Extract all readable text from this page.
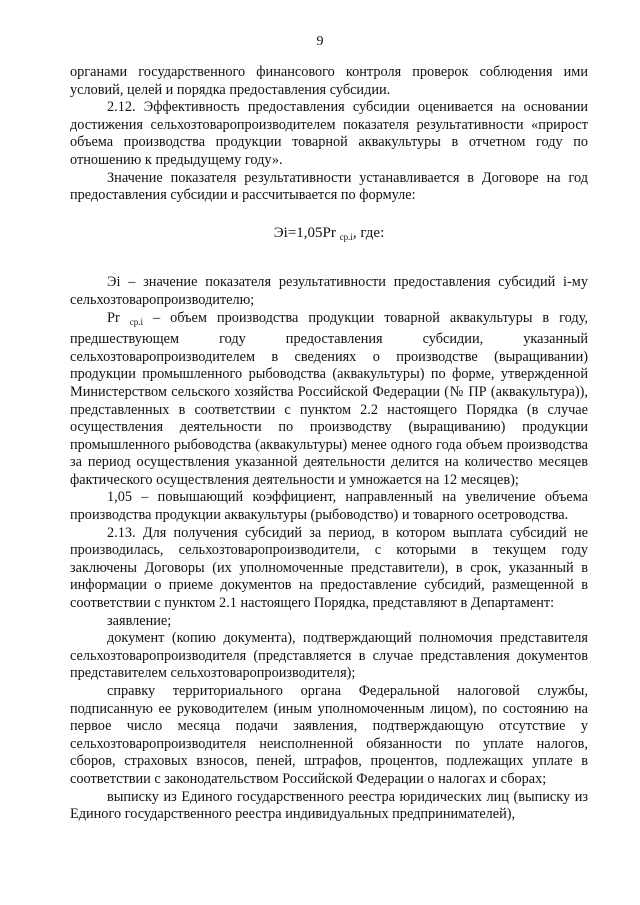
9

органами государственного финансового контроля проверок соблюдения ими условий, целей и порядка предоставления субсидии.

2.12. Эффективность предоставления субсидии оценивается на основании достижения сельхозтоваропроизводителем показателя результативности «прирост объема производства продукции товарной аквакультуры в отчетном году по отношению к предыдущему году».

Значение показателя результативности устанавливается в Договоре на год предоставления субсидии и рассчитывается по формуле:

Эi=1,05Pr $_{ср.i}$, где:

Эi – значение показателя результативности предоставления субсидий i-му сельхозтоваропроизводителю;

Pr $_{ср.i}$ – объем производства продукции товарной аквакультуры в году, предшествующем году предоставления субсидии, указанный сельхозтоваропроизводителем в сведениях о производстве (выращивании) продукции промышленного рыбоводства (аквакультуры) по форме, утвержденной Министерством сельского хозяйства Российской Федерации (№ ПР (аквакультура)), представленных в соответствии с пунктом 2.2 настоящего Порядка (в случае осуществления деятельности по производству (выращиванию) продукции промышленного рыбоводства (аквакультуры) менее одного года объем производства за период осуществления указанной деятельности делится на количество месяцев фактического осуществления деятельности и умножается на 12 месяцев);

1,05 – повышающий коэффициент, направленный на увеличение объема производства продукции аквакультуры (рыбоводство) и товарного осетроводства.

2.13. Для получения субсидий за период, в котором выплата субсидий не производилась, сельхозтоваропроизводители, с которыми в текущем году заключены Договоры (их уполномоченные представители), в срок, указанный в информации о приеме документов на предоставление субсидий, размещенной в соответствии с пунктом 2.1 настоящего Порядка, представляют в Департамент:

заявление;

документ (копию документа), подтверждающий полномочия представителя сельхозтоваропроизводителя (представляется в случае представления документов представителем сельхозтоваропроизводителя);

справку территориального органа Федеральной налоговой службы, подписанную ее руководителем (иным уполномоченным лицом), по состоянию на первое число месяца подачи заявления, подтверждающую отсутствие у сельхозтоваропроизводителя неисполненной обязанности по уплате налогов, сборов, страховых взносов, пеней, штрафов, процентов, подлежащих уплате в соответствии с законодательством Российской Федерации о налогах и сборах;

выписку из Единого государственного реестра юридических лиц (выписку из Единого государственного реестра индивидуальных предпринимателей),
